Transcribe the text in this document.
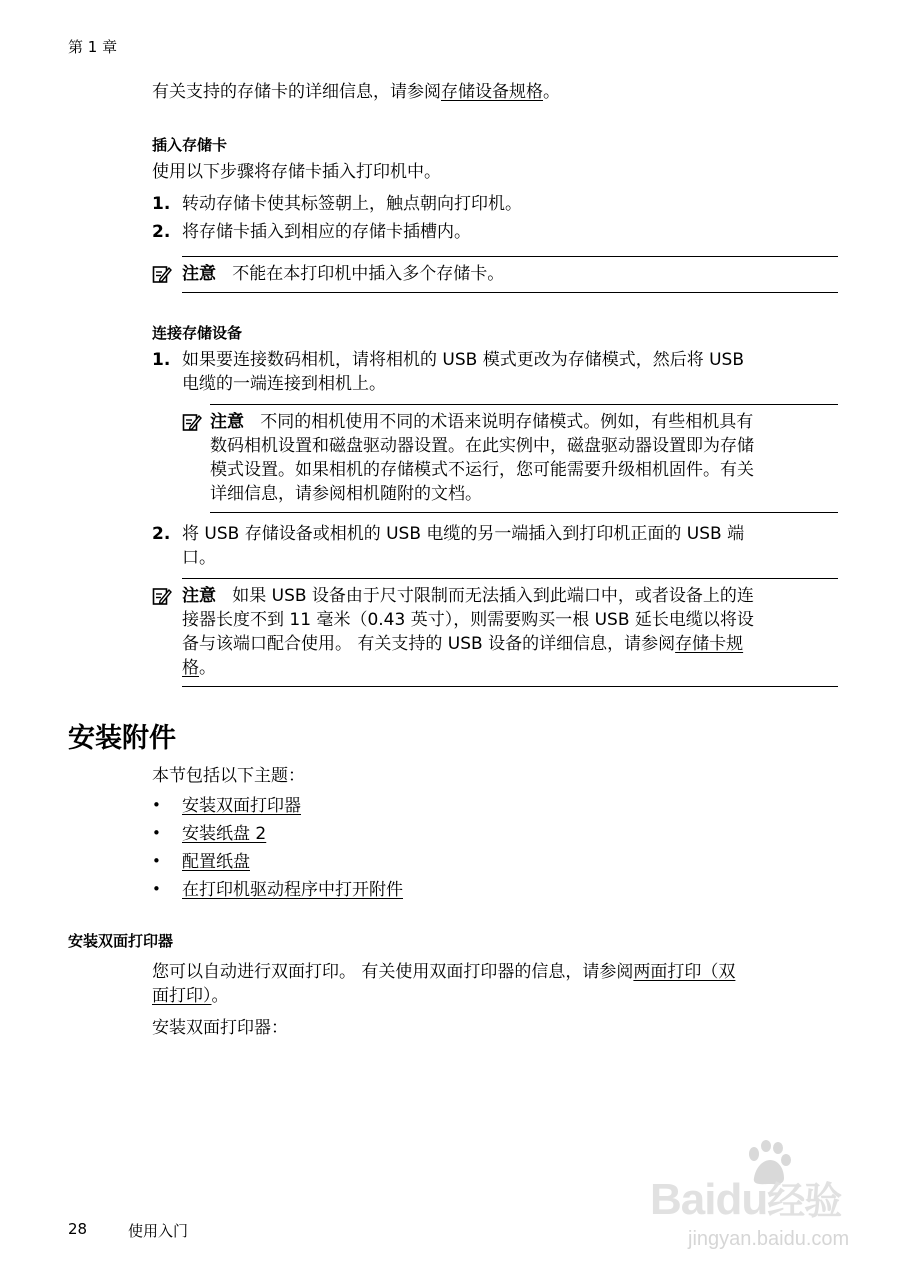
第 1 章
有关支持的存储卡的详细信息，请参阅存储设备规格。
插入存储卡
使用以下步骤将存储卡插入打印机中。
1. 转动存储卡使其标签朝上，触点朝向打印机。
2. 将存储卡插入到相应的存储卡插槽内。
注意 不能在本打印机中插入多个存储卡。
连接存储设备
1. 如果要连接数码相机，请将相机的 USB 模式更改为存储模式，然后将 USB
电缆的一端连接到相机上。
注意 不同的相机使用不同的术语来说明存储模式。例如，有些相机具有
数码相机设置和磁盘驱动器设置。在此实例中，磁盘驱动器设置即为存储
模式设置。如果相机的存储模式不运行，您可能需要升级相机固件。有关
详细信息，请参阅相机随附的文档。
2. 将 USB 存储设备或相机的 USB 电缆的另一端插入到打印机正面的 USB 端
口。
注意 如果 USB 设备由于尺寸限制而无法插入到此端口中，或者设备上的连
接器长度不到 11 毫米（0.43 英寸），则需要购买一根 USB 延长电缆以将设
备与该端口配合使用。 有关支持的 USB 设备的详细信息，请参阅存储卡规
格。
安装附件
本节包括以下主题：
• 安装双面打印器
• 安装纸盘 2
• 配置纸盘
• 在打印机驱动程序中打开附件
安装双面打印器
您可以自动进行双面打印。 有关使用双面打印器的信息，请参阅两面打印（双
面打印）。
安装双面打印器：
28	使用入门
Baidu经验
jingyan.baidu.com
